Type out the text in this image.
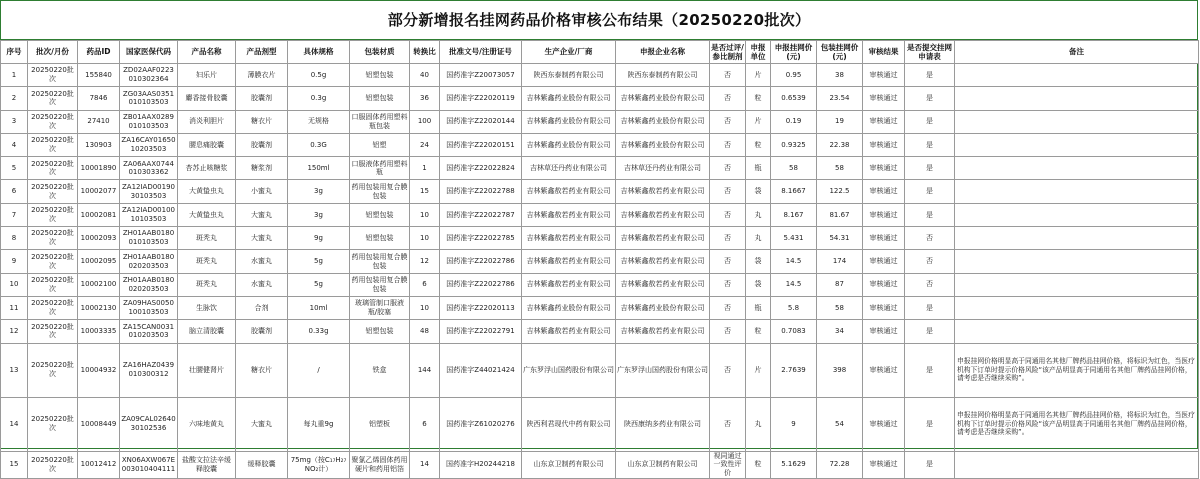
部分新增报名挂网药品价格审核公布结果（20250220批次）
序号	批次/月份	药品ID	国家医保代码	产品名称	产品剂型	具体规格	包装材质	转换比	批准文号/注册证号	生产企业/厂商	申报企业名称	是否过评/参比制剂	申报单位	申报挂网价(元)	包装挂网价(元)	审核结果	是否提交挂网申请表	备注
1	20250220批次	155840	ZD02AAF0223010302364	妇乐片	薄膜衣片	0.5g	铝塑包装	40	国药准字Z20073057	陕西东泰制药有限公司	陕西东泰制药有限公司	否	片	0.95	38	审核通过	是	
2	20250220批次	7846	ZG03AAS0351010103503	麝香接骨胶囊	胶囊剂	0.3g	铝塑包装	36	国药准字Z22020119	吉林紫鑫药业股份有限公司	吉林紫鑫药业股份有限公司	否	粒	0.6539	23.54	审核通过	是	
3	20250220批次	27410	ZB01AAX0289010103503	消炎利胆片	糖衣片	无规格	口服固体药用塑料瓶包装	100	国药准字Z22020144	吉林紫鑫药业股份有限公司	吉林紫鑫药业股份有限公司	否	片	0.19	19	审核通过	是	
4	20250220批次	130903	ZA16CAY0165010203503	腰息痛胶囊	胶囊剂	0.3G	铝塑	24	国药准字Z22020151	吉林紫鑫药业股份有限公司	吉林紫鑫药业股份有限公司	否	粒	0.9325	22.38	审核通过	是	
5	20250220批次	10001890	ZA06AAX0744010303362	杏苏止咳糖浆	糖浆剂	150ml	口服液体药用塑料瓶	1	国药准字Z22022824	吉林草还丹药业有限公司	吉林草还丹药业有限公司	否	瓶	58	58	审核通过	是	
6	20250220批次	10002077	ZA12IAD0019030103503	大黄蛰虫丸	小蜜丸	3g	药用包装用复合膜包装	15	国药准字Z22022788	吉林紫鑫敖若药业有限公司	吉林紫鑫敖若药业有限公司	否	袋	8.1667	122.5	审核通过	是	
7	20250220批次	10002081	ZA12IAD0010010103503	大黄蛰虫丸	大蜜丸	3g	铝塑包装	10	国药准字Z22022787	吉林紫鑫敖若药业有限公司	吉林紫鑫敖若药业有限公司	否	丸	8.167	81.67	审核通过	是	
8	20250220批次	10002093	ZH01AAB0180010103503	斑秃丸	大蜜丸	9g	铝塑包装	10	国药准字Z22022785	吉林紫鑫敖若药业有限公司	吉林紫鑫敖若药业有限公司	否	丸	5.431	54.31	审核通过	否	
9	20250220批次	10002095	ZH01AAB0180020203503	斑秃丸	水蜜丸	5g	药用包装用复合膜包装	12	国药准字Z22022786	吉林紫鑫敖若药业有限公司	吉林紫鑫敖若药业有限公司	否	袋	14.5	174	审核通过	否	
10	20250220批次	10002100	ZH01AAB0180020203503	斑秃丸	水蜜丸	5g	药用包装用复合膜包装	6	国药准字Z22022786	吉林紫鑫敖若药业有限公司	吉林紫鑫敖若药业有限公司	否	袋	14.5	87	审核通过	否	
11	20250220批次	10002130	ZA09HAS0050100103503	生脉饮	合剂	10ml	玻璃管制口服液瓶/胶塞	10	国药准字Z22020113	吉林紫鑫药业股份有限公司	吉林紫鑫药业股份有限公司	否	瓶	5.8	58	审核通过	是	
12	20250220批次	10003335	ZA15CAN0031010203503	脑立清胶囊	胶囊剂	0.33g	铝塑包装	48	国药准字Z22022791	吉林紫鑫敖若药业有限公司	吉林紫鑫敖若药业有限公司	否	粒	0.7083	34	审核通过	是	
13	20250220批次	10004932	ZA16HAZ0439010300312	壮腰健肾片	糖衣片	/	铁盒	144	国药准字Z44021424	广东罗浮山国药股份有限公司	广东罗浮山国药股份有限公司	否	片	2.7639	398	审核通过	是	申报挂网价格明显高于同通用名其他厂牌药品挂网价格，将标识为红色，当医疗机构下订单时提示价格风险“该产品明显高于同通用名其他厂牌药品挂网价格，请考虑是否继续采购”。
14	20250220批次	10008449	ZA09CAL0264030102536	六味地黄丸	大蜜丸	每丸重9g	铝塑板	6	国药准字Z61020276	陕西利君现代中药有限公司	陕西康纳多药业有限公司	否	丸	9	54	审核通过	是	申报挂网价格明显高于同通用名其他厂牌药品挂网价格，将标识为红色，当医疗机构下订单时提示价格风险“该产品明显高于同通用名其他厂牌药品挂网价格，请考虑是否继续采购”。
15	20250220批次	10012412	XN06AXW067E003010404111	盐酸文拉法辛缓释胶囊	缓释胶囊	75mg（按C₁₇H₂₇NO₂计）	聚氯乙烯固体药用硬片和药用铝箔	14	国药准字H20244218	山东京卫制药有限公司	山东京卫制药有限公司	视同通过一致性评价	粒	5.1629	72.28	审核通过	是	
